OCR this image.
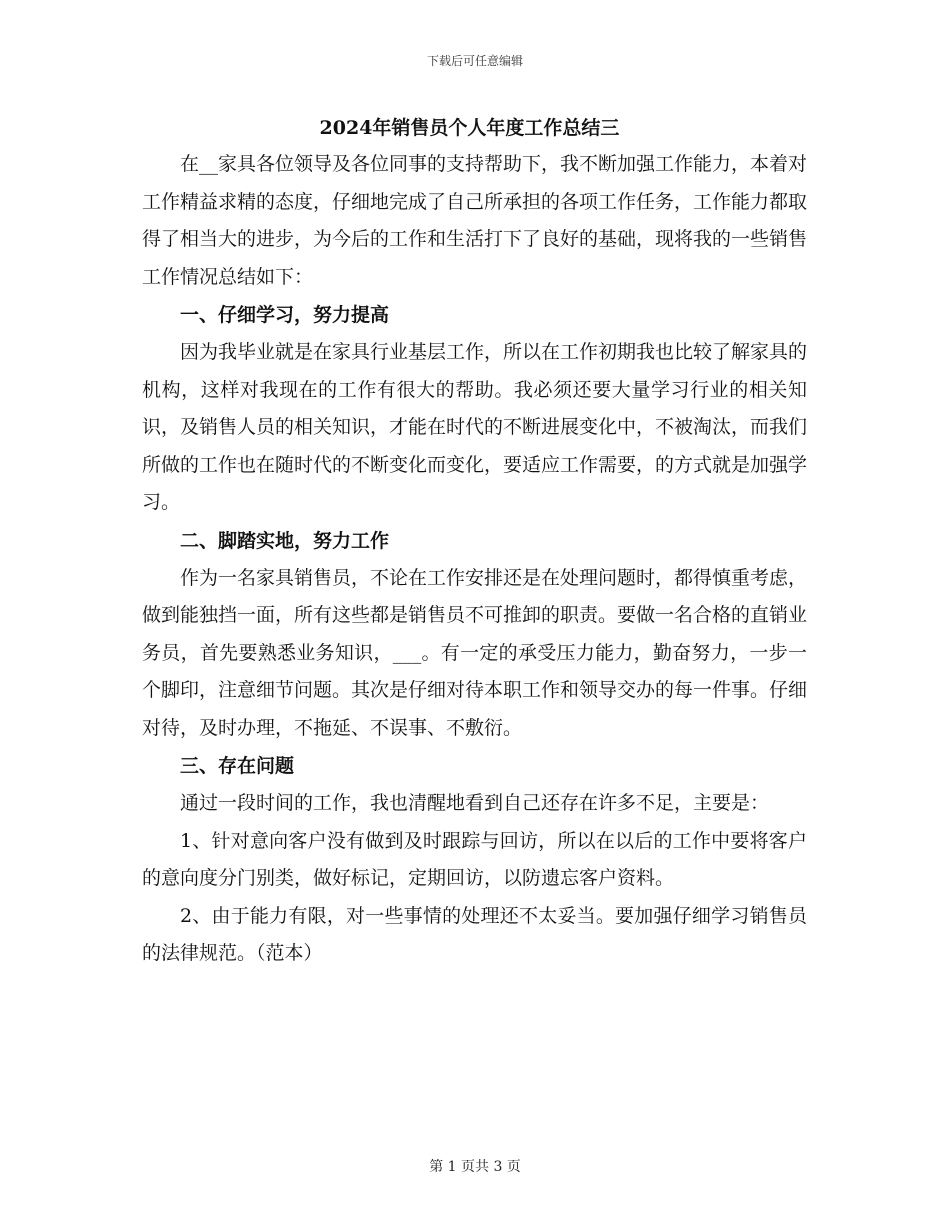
下载后可任意编辑

2024年销售员个人年度工作总结三

在__家具各位领导及各位同事的支持帮助下，我不断加强工作能力，本着对工作精益求精的态度，仔细地完成了自己所承担的各项工作任务，工作能力都取得了相当大的进步，为今后的工作和生活打下了良好的基础，现将我的一些销售工作情况总结如下：

一、仔细学习，努力提高

因为我毕业就是在家具行业基层工作，所以在工作初期我也比较了解家具的机构，这样对我现在的工作有很大的帮助。我必须还要大量学习行业的相关知识，及销售人员的相关知识，才能在时代的不断进展变化中，不被淘汰，而我们所做的工作也在随时代的不断变化而变化，要适应工作需要，的方式就是加强学习。

二、脚踏实地，努力工作

作为一名家具销售员，不论在工作安排还是在处理问题时，都得慎重考虑，做到能独挡一面，所有这些都是销售员不可推卸的职责。要做一名合格的直销业务员，首先要熟悉业务知识，___。有一定的承受压力能力，勤奋努力，一步一个脚印，注意细节问题。其次是仔细对待本职工作和领导交办的每一件事。仔细对待，及时办理，不拖延、不误事、不敷衍。

三、存在问题

通过一段时间的工作，我也清醒地看到自己还存在许多不足，主要是：

1、针对意向客户没有做到及时跟踪与回访，所以在以后的工作中要将客户的意向度分门别类，做好标记，定期回访，以防遗忘客户资料。

2、由于能力有限，对一些事情的处理还不太妥当。要加强仔细学习销售员的法律规范。（范本）

第 1 页共 3 页
